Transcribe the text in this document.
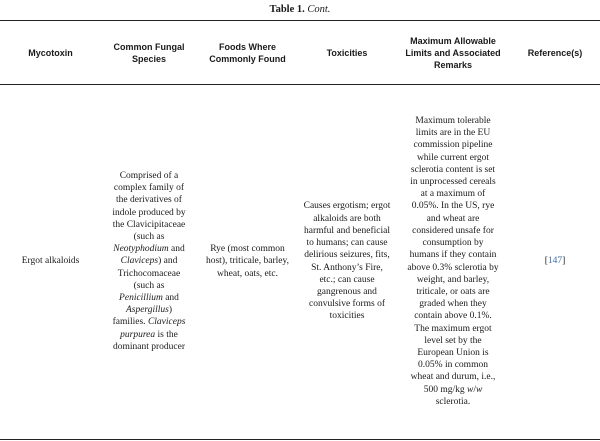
Table 1. Cont.
Mycotoxin
Common Fungal Species
Foods Where Commonly Found
Toxicities
Maximum Allowable Limits and Associated Remarks
Reference(s)
Ergot alkaloids
Comprised of a complex family of the derivatives of indole produced by the Clavicipitaceae (such as Neotyphodium and Claviceps) and Trichocomaceae (such as Penicillium and Aspergillus) families. Claviceps purpurea is the dominant producer
Rye (most common host), triticale, barley, wheat, oats, etc.
Causes ergotism; ergot alkaloids are both harmful and beneficial to humans; can cause delirious seizures, fits, St. Anthony’s Fire, etc.; can cause gangrenous and convulsive forms of toxicities
Maximum tolerable limits are in the EU commission pipeline while current ergot sclerotia content is set in unprocessed cereals at a maximum of 0.05%. In the US, rye and wheat are considered unsafe for consumption by humans if they contain above 0.3% sclerotia by weight, and barley, triticale, or oats are graded when they contain above 0.1%. The maximum ergot level set by the European Union is 0.05% in common wheat and durum, i.e., 500 mg/kg w/w sclerotia.
[147]
